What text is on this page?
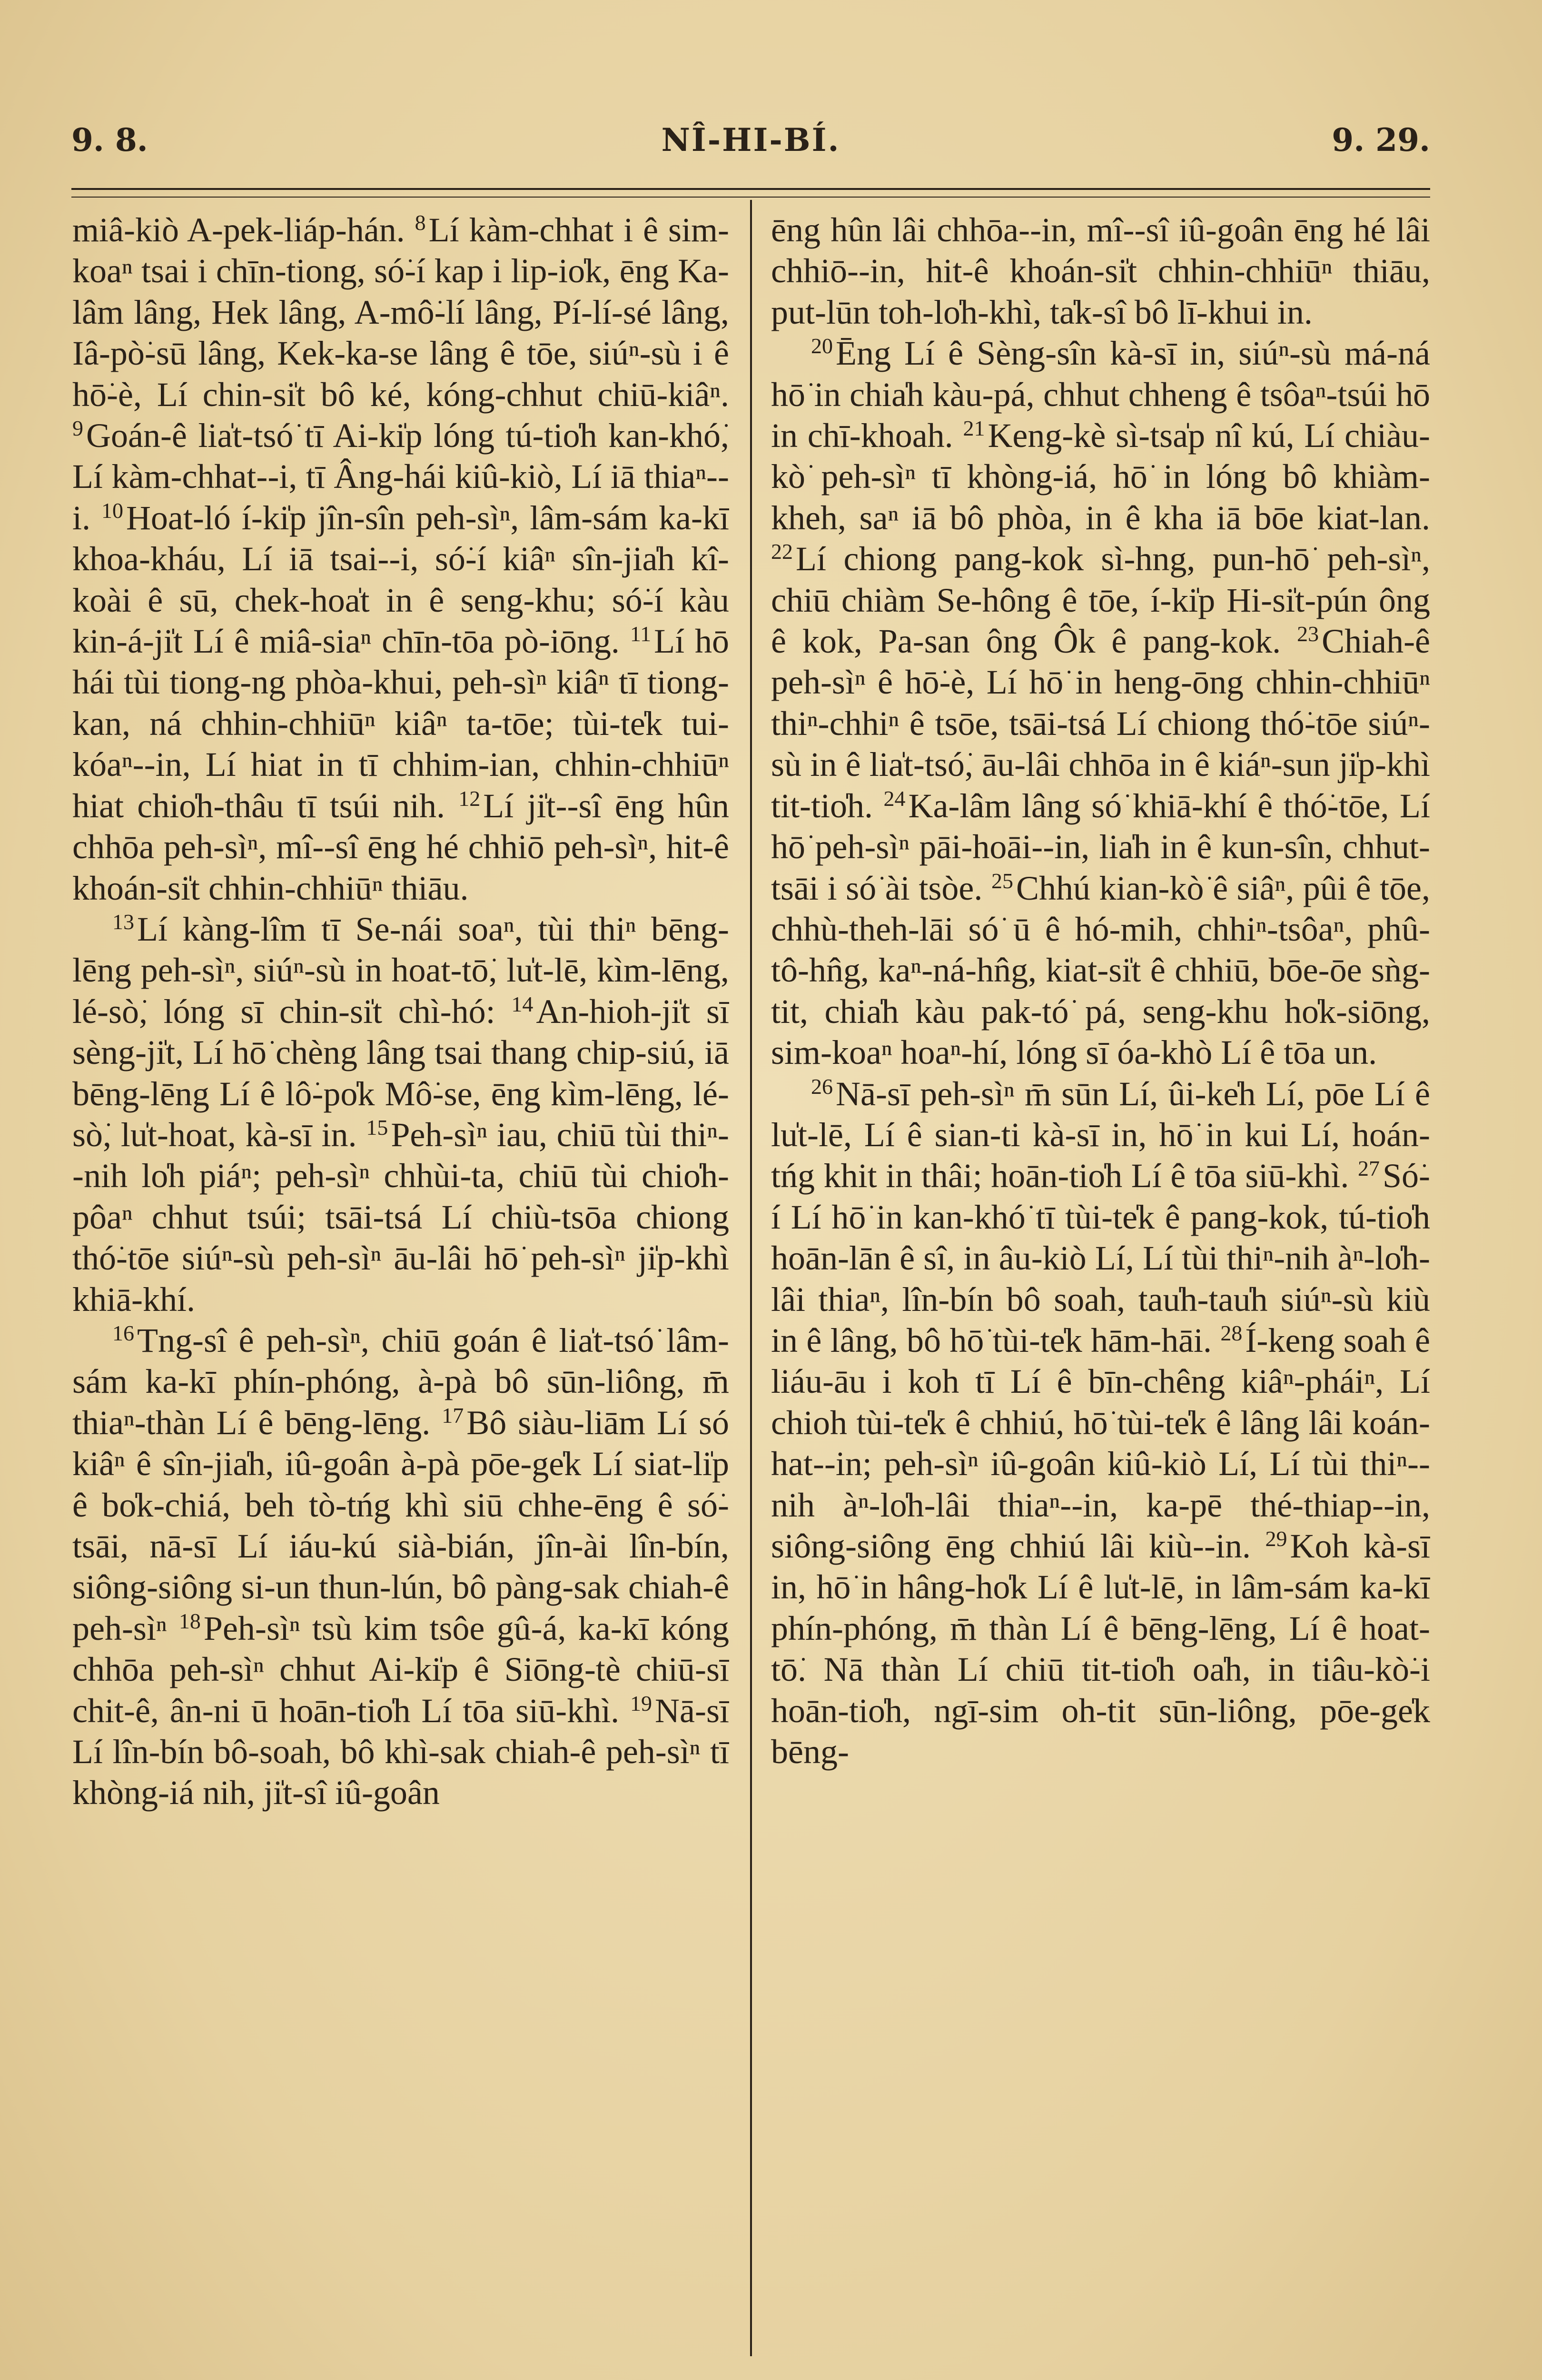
9. 8.	NÎ-HI-BÍ.	9. 29.

miâ-kiò A-pek-liáp-hán. $^8$Lí kàm-chhat i ê sim-koaⁿ tsai i chīn-tiong, só͘-í kap i lip-io̍k, ēng Ka-lâm lâng, Hek lâng, A-mô͘-lí lâng, Pí-lí-sé lâng, Iâ-pò͘-sū lâng, Kek-ka-se lâng ê tōe, siúⁿ-sù i ê hō͘-è, Lí chin-si̍t bô ké, kóng-chhut chiū-kiâⁿ. $^9$Goán-ê lia̍t-tsó͘ tī Ai-ki̍p lóng tú-tio̍h kan-khó͘, Lí kàm-chhat--i, tī Âng-hái kiû-kiò, Lí iā thiaⁿ--i. $^{10}$Hoat-ló í-ki̍p jîn-sîn peh-sìⁿ, lâm-sám ka-kī khoa-kháu, Lí iā tsai--i, só͘-í kiâⁿ sîn-jia̍h kî-koài ê sū, chek-hoa̍t in ê seng-khu; só͘-í kàu kin-á-ji̍t Lí ê miâ-siaⁿ chīn-tōa pò-iōng. $^{11}$Lí hō͘ hái tùi tiong-ng phòa-khui, peh-sìⁿ kiâⁿ tī tiong-kan, ná chhin-chhiūⁿ kiâⁿ ta-tōe; tùi-te̍k tui-kóaⁿ--in, Lí hiat in tī chhim-ian, chhin-chhiūⁿ hiat chio̍h-thâu tī tsúi nih. $^{12}$Lí ji̍t--sî ēng hûn chhōa peh-sìⁿ, mî--sî ēng hé chhiō peh-sìⁿ, hit-ê khoán-si̍t chhin-chhiūⁿ thiāu.

$^{13}$Lí kàng-lîm tī Se-nái soaⁿ, tùi thiⁿ bēng-lēng peh-sìⁿ, siúⁿ-sù in hoat-tō͘, lu̍t-lē, kìm-lēng, lé-sò͘, lóng sī chin-si̍t chì-hó: $^{14}$An-hioh-ji̍t sī sèng-ji̍t, Lí hō͘ chèng lâng tsai thang chip-siú, iā bēng-lēng Lí ê lô͘-po̍k Mô͘-se, ēng kìm-lēng, lé-sò͘, lu̍t-hoat, kà-sī in. $^{15}$Peh-sìⁿ iau, chiū tùi thiⁿ--nih lo̍h piáⁿ; peh-sìⁿ chhùi-ta, chiū tùi chio̍h-pôaⁿ chhut tsúi; tsāi-tsá Lí chiù-tsōa chiong thó͘-tōe siúⁿ-sù peh-sìⁿ āu-lâi hō͘ peh-sìⁿ ji̍p-khì khiā-khí.

$^{16}$Tng-sî ê peh-sìⁿ, chiū goán ê lia̍t-tsó͘ lâm-sám ka-kī phín-phóng, à-pà bô sūn-liông, m̄ thiaⁿ-thàn Lí ê bēng-lēng. $^{17}$Bô siàu-liām Lí só͘ kiâⁿ ê sîn-jia̍h, iû-goân à-pà pōe-ge̍k Lí siat-li̍p ê bo̍k-chiá, beh tò-tńg khì siū chhe-ēng ê só͘-tsāi, nā-sī Lí iáu-kú sià-bián, jîn-ài lîn-bín, siông-siông si-un thun-lún, bô pàng-sak chiah-ê peh-sìⁿ $^{18}$Peh-sìⁿ tsù kim tsôe gû-á, ka-kī kóng chhōa peh-sìⁿ chhut Ai-ki̍p ê Siōng-tè chiū-sī chit-ê, ân-ni ū hoān-tio̍h Lí tōa siū-khì. $^{19}$Nā-sī Lí lîn-bín bô-soah, bô khì-sak chiah-ê peh-sìⁿ tī khòng-iá nih, ji̍t-sî iû-goân

ēng hûn lâi chhōa--in, mî--sî iû-goân ēng hé lâi chhiō--in, hit-ê khoán-si̍t chhin-chhiūⁿ thiāu, put-lūn toh-lo̍h-khì, ta̍k-sî bô lī-khui in.

$^{20}$Ēng Lí ê Sèng-sîn kà-sī in, siúⁿ-sù má-ná hō͘ in chia̍h kàu-pá, chhut chheng ê tsôaⁿ-tsúi hō͘ in chī-khoah. $^{21}$Keng-kè sì-tsa̍p nî kú, Lí chiàu-kò͘ peh-sìⁿ tī khòng-iá, hō͘ in lóng bô khiàm-kheh, saⁿ iā bô phòa, in ê kha iā bōe kiat-lan. $^{22}$Lí chiong pang-kok sì-hng, pun-hō͘ peh-sìⁿ, chiū chiàm Se-hông ê tōe, í-ki̍p Hi-si̍t-pún ông ê kok, Pa-san ông Ôk ê pang-kok. $^{23}$Chiah-ê peh-sìⁿ ê hō͘-è, Lí hō͘ in heng-ōng chhin-chhiūⁿ thiⁿ-chhiⁿ ê tsōe, tsāi-tsá Lí chiong thó͘-tōe siúⁿ-sù in ê lia̍t-tsó͘, āu-lâi chhōa in ê kiáⁿ-sun ji̍p-khì tit-tio̍h. $^{24}$Ka-lâm lâng só͘ khiā-khí ê thó͘-tōe, Lí hō͘ peh-sìⁿ pāi-hoāi--in, lia̍h in ê kun-sîn, chhut-tsāi i só͘ ài tsòe. $^{25}$Chhú kian-kò͘ ê siâⁿ, pûi ê tōe, chhù-theh-lāi só͘ ū ê hó-mih, chhiⁿ-tsôaⁿ, phû-tô-hn̂g, kaⁿ-ná-hn̂g, kiat-si̍t ê chhiū, bōe-ōe sǹg-tit, chia̍h kàu pak-tó͘ pá, seng-khu ho̍k-siōng, sim-koaⁿ hoaⁿ-hí, lóng sī óa-khò Lí ê tōa un.

$^{26}$Nā-sī peh-sìⁿ m̄ sūn Lí, ûi-ke̍h Lí, pōe Lí ê lu̍t-lē, Lí ê sian-ti kà-sī in, hō͘ in kui Lí, hoán-tńg khit in thâi; hoān-tio̍h Lí ê tōa siū-khì. $^{27}$Só͘-í Lí hō͘ in kan-khó͘ tī tùi-te̍k ê pang-kok, tú-tio̍h hoān-lān ê sî, in âu-kiò Lí, Lí tùi thiⁿ-nih àⁿ-lo̍h-lâi thiaⁿ, lîn-bín bô soah, tau̍h-tau̍h siúⁿ-sù kiù in ê lâng, bô hō͘ tùi-te̍k hām-hāi. $^{28}$Í-keng soah ê liáu-āu i koh tī Lí ê bīn-chêng kiâⁿ-pháiⁿ, Lí chioh tùi-te̍k ê chhiú, hō͘ tùi-te̍k ê lâng lâi koán-hat--in; peh-sìⁿ iû-goân kiû-kiò Lí, Lí tùi thiⁿ--nih àⁿ-lo̍h-lâi thiaⁿ--in, ka-pē thé-thiap--in, siông-siông ēng chhiú lâi kiù--in. $^{29}$Koh kà-sī in, hō͘ in hâng-ho̍k Lí ê lu̍t-lē, in lâm-sám ka-kī phín-phóng, m̄ thàn Lí ê bēng-lēng, Lí ê hoat-tō͘. Nā thàn Lí chiū tit-tio̍h oa̍h, in tiâu-kò͘-i hoān-tio̍h, ngī-sim oh-tit sūn-liông, pōe-ge̍k bēng-
